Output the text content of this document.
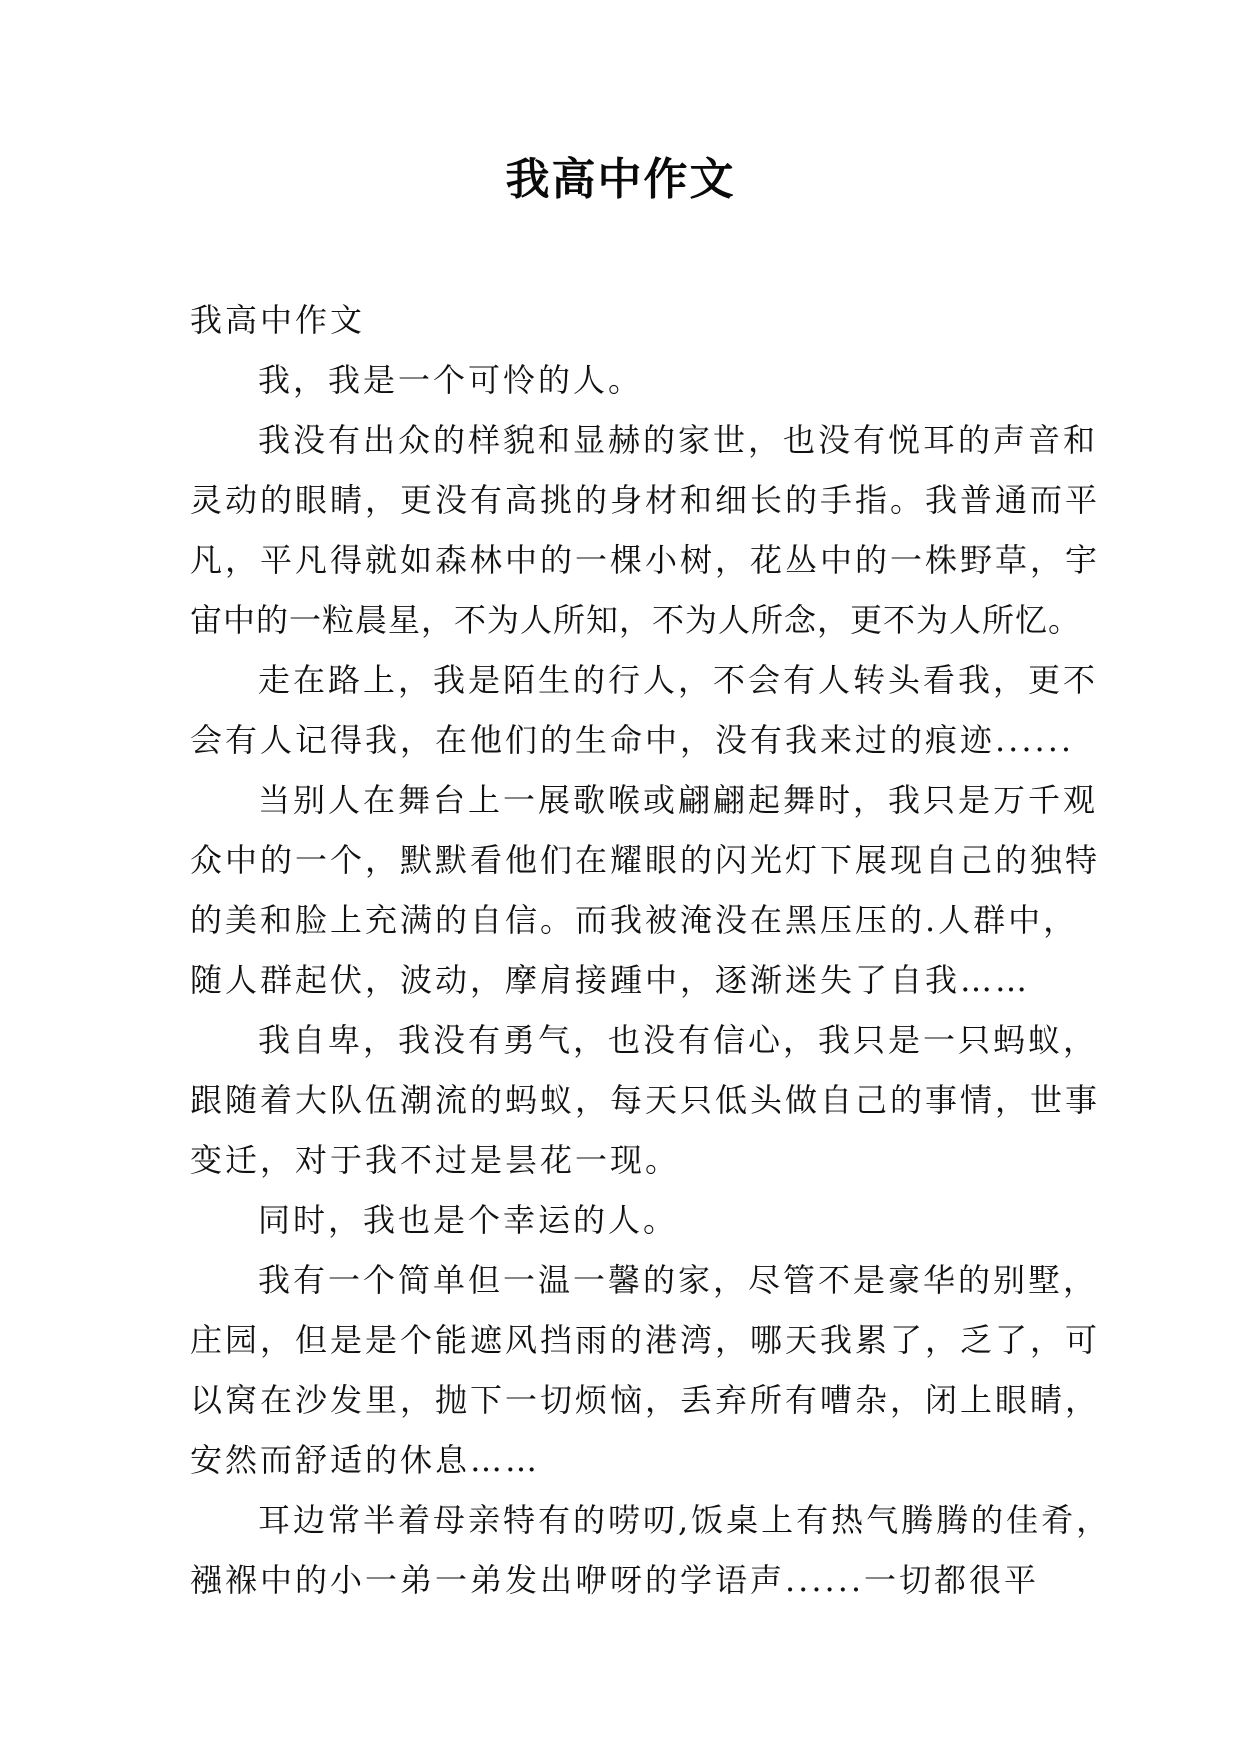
我高中作文
我高中作文
我，我是一个可怜的人。
我没有出众的样貌和显赫的家世，也没有悦耳的声音和
灵动的眼睛，更没有高挑的身材和细长的手指。我普通而平
凡，平凡得就如森林中的一棵小树，花丛中的一株野草，宇
宙中的一粒晨星，不为人所知，不为人所念，更不为人所忆。
走在路上，我是陌生的行人，不会有人转头看我，更不
会有人记得我，在他们的生命中，没有我来过的痕迹......
当别人在舞台上一展歌喉或翩翩起舞时，我只是万千观
众中的一个，默默看他们在耀眼的闪光灯下展现自己的独特
的美和脸上充满的自信。而我被淹没在黑压压的.人群中，
随人群起伏，波动，摩肩接踵中，逐渐迷失了自我……
我自卑，我没有勇气，也没有信心，我只是一只蚂蚁，
跟随着大队伍潮流的蚂蚁，每天只低头做自己的事情，世事
变迁，对于我不过是昙花一现。
同时，我也是个幸运的人。
我有一个简单但一温一馨的家，尽管不是豪华的别墅，
庄园，但是是个能遮风挡雨的港湾，哪天我累了，乏了，可
以窝在沙发里，抛下一切烦恼，丢弃所有嘈杂，闭上眼睛，
安然而舒适的休息……
耳边常半着母亲特有的唠叨,饭桌上有热气腾腾的佳肴，
襁褓中的小一弟一弟发出咿呀的学语声......一切都很平
